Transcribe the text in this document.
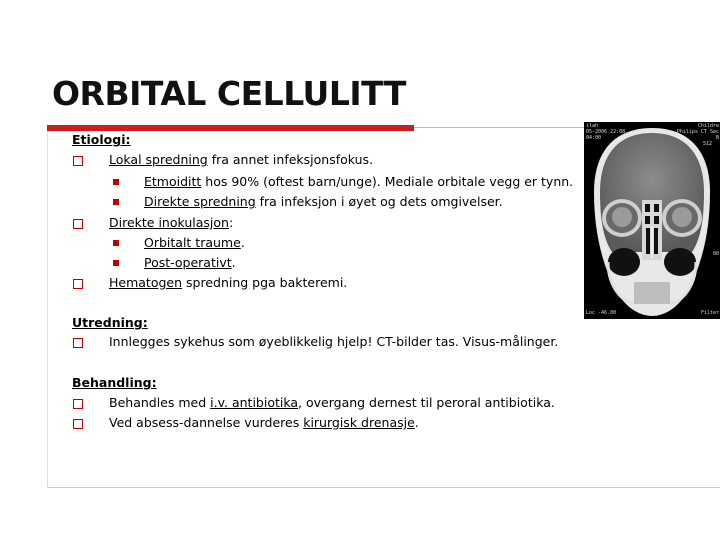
ORBITAL CELLULITT
Etiologi:
Lokal spredning fra annet infeksjonsfokus.
Etmoiditt hos 90% (oftest barn/unge). Mediale orbitale vegg er tynn.
Direkte spredning fra infeksjon i øyet og dets omgivelser.
Direkte inokulasjon:
Orbitalt traume.
Post-operativt.
Hematogen spredning pga bakteremi.
Utredning:
Innlegges sykehus som øyeblikkelig hjelp! CT-bilder tas. Visus-målinger.
Behandling:
Behandles med i.v. antibiotika, overgang dernest til peroral antibiotika.
Ved absess-dannelse vurderes kirurgisk drenasje.
ilah
05-2006 22:08
04:00
Childre
Philips CT Sec
B
512
80
Loc -46.00	Filter
